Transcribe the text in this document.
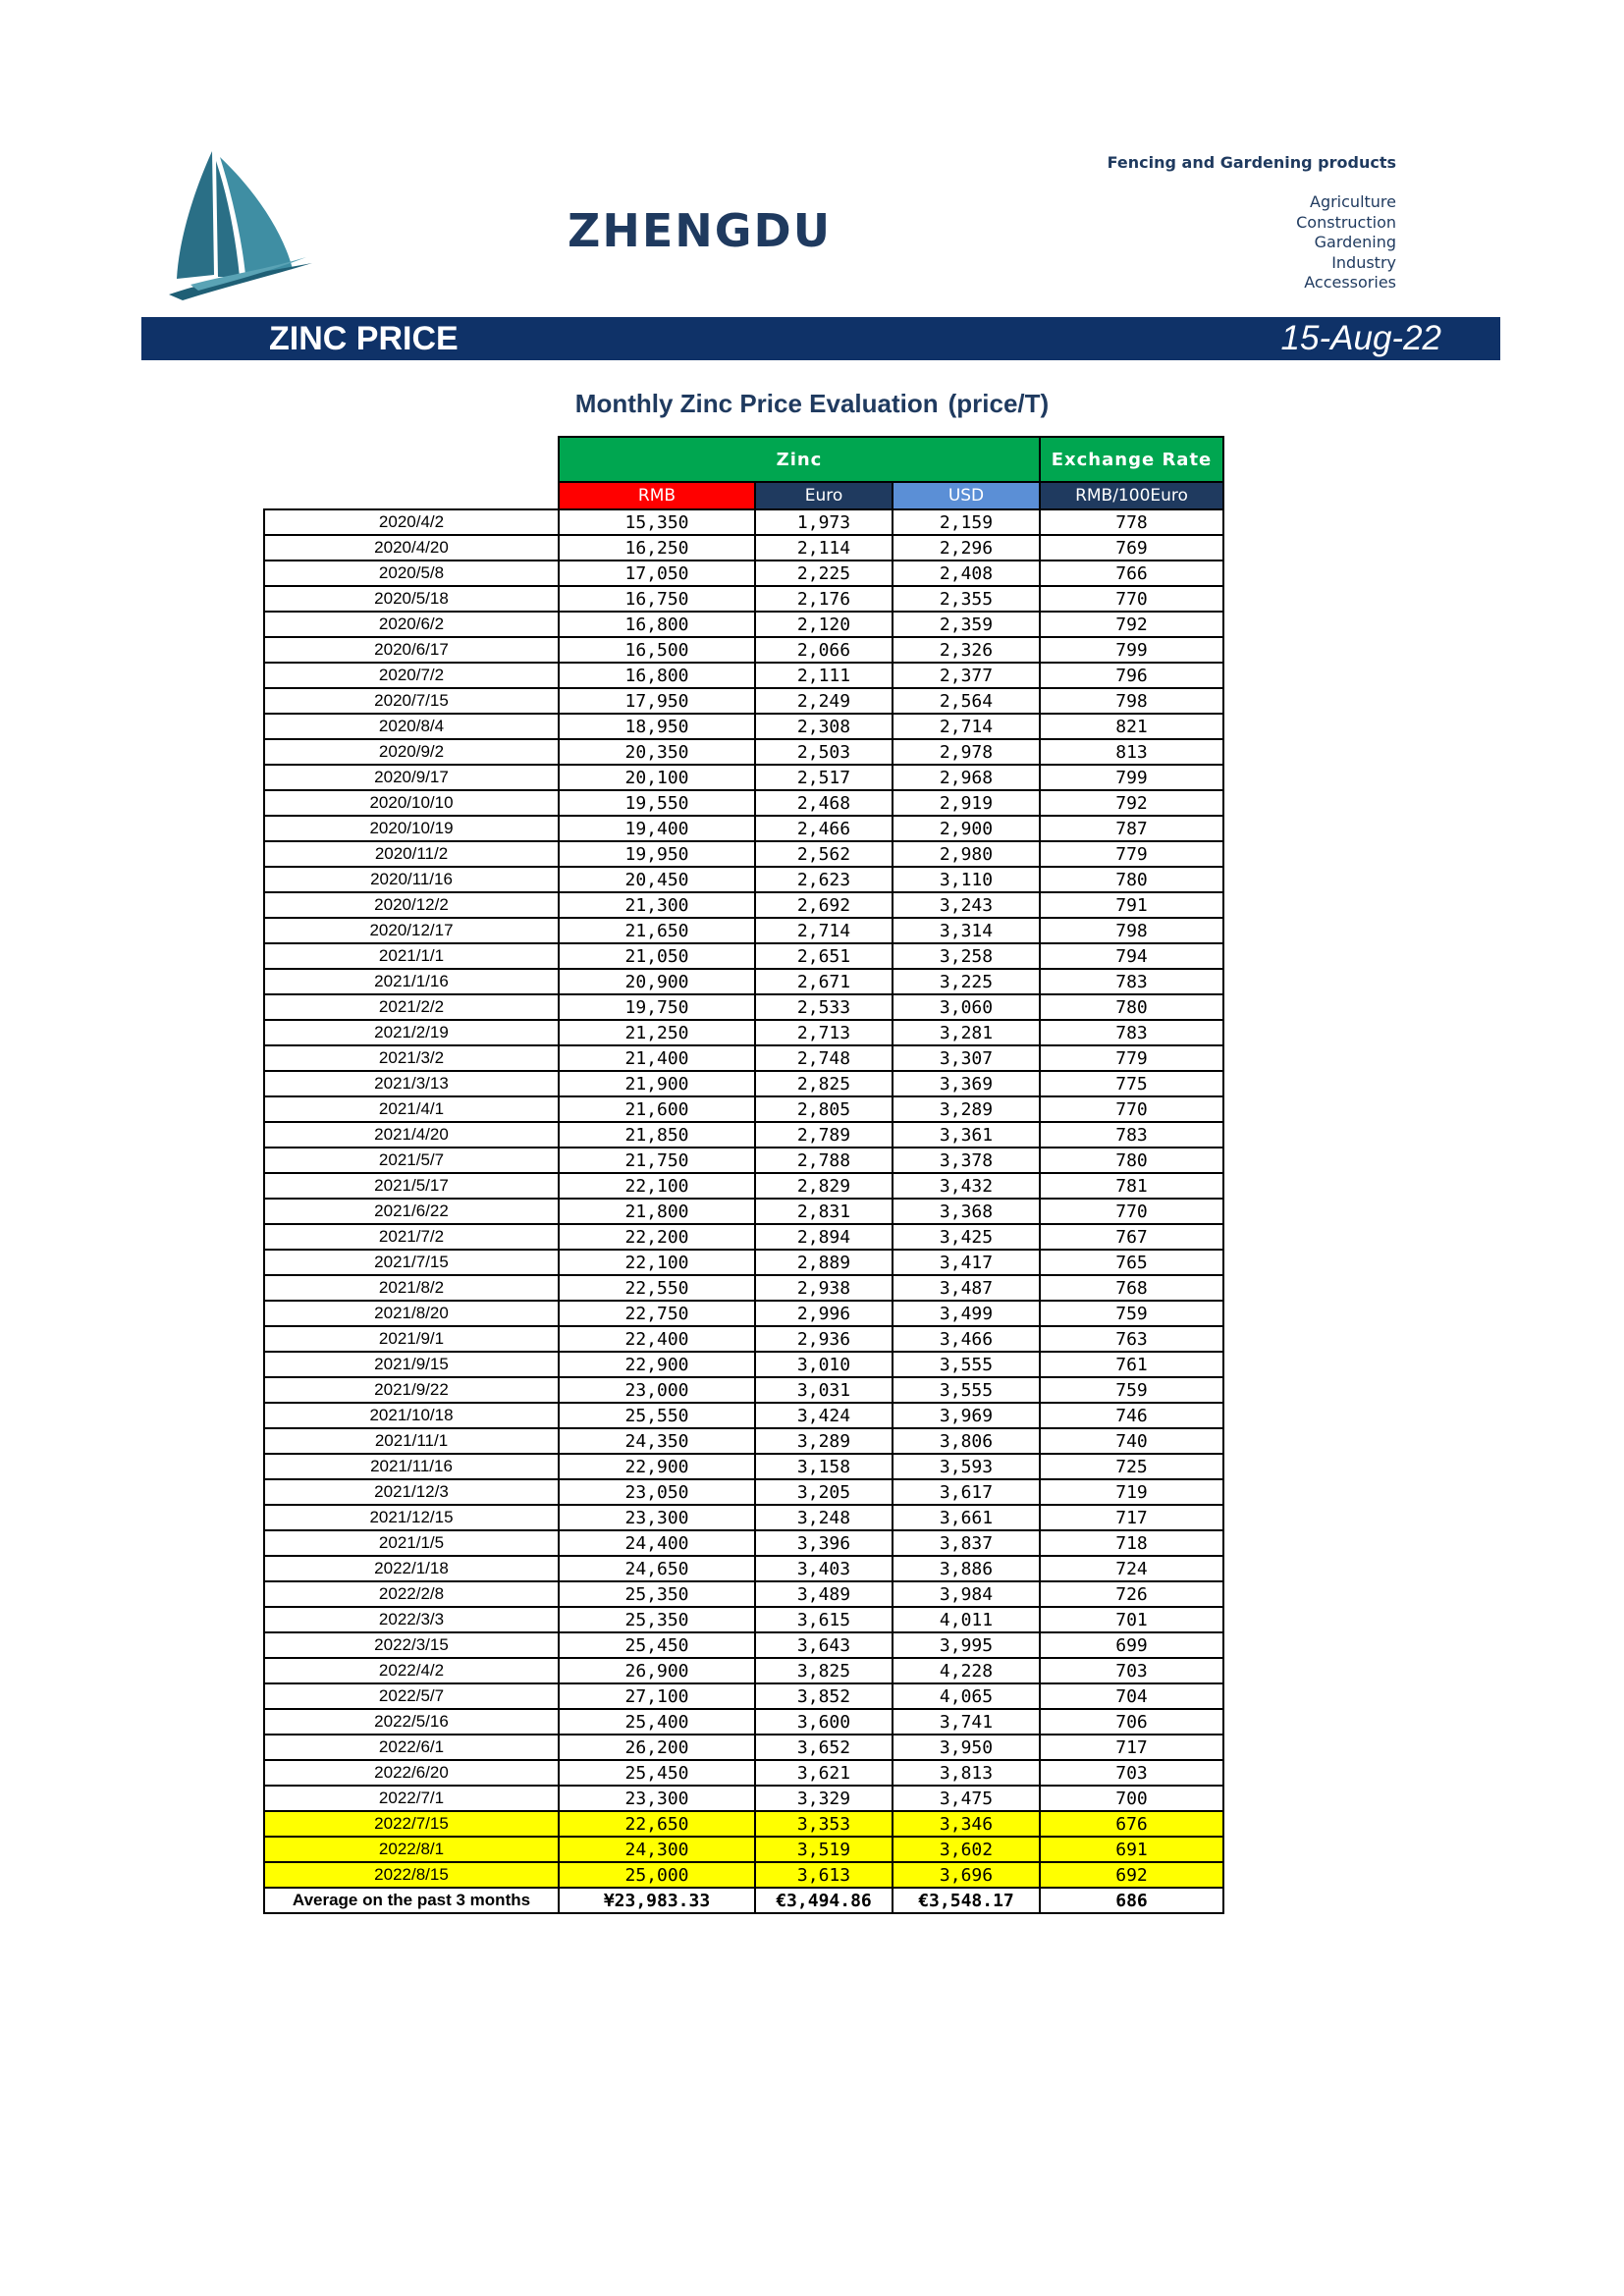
ZHENGDU
Fencing and Gardening products
Agriculture
Construction
Gardening
Industry
Accessories
ZINC PRICE	15-Aug-22
Monthly Zinc Price Evaluation (price/T)
	Zinc			Exchange Rate
	RMB	Euro	USD	RMB/100Euro
2020/4/2	15,350	1,973	2,159	778
2020/4/20	16,250	2,114	2,296	769
2020/5/8	17,050	2,225	2,408	766
2020/5/18	16,750	2,176	2,355	770
2020/6/2	16,800	2,120	2,359	792
2020/6/17	16,500	2,066	2,326	799
2020/7/2	16,800	2,111	2,377	796
2020/7/15	17,950	2,249	2,564	798
2020/8/4	18,950	2,308	2,714	821
2020/9/2	20,350	2,503	2,978	813
2020/9/17	20,100	2,517	2,968	799
2020/10/10	19,550	2,468	2,919	792
2020/10/19	19,400	2,466	2,900	787
2020/11/2	19,950	2,562	2,980	779
2020/11/16	20,450	2,623	3,110	780
2020/12/2	21,300	2,692	3,243	791
2020/12/17	21,650	2,714	3,314	798
2021/1/1	21,050	2,651	3,258	794
2021/1/16	20,900	2,671	3,225	783
2021/2/2	19,750	2,533	3,060	780
2021/2/19	21,250	2,713	3,281	783
2021/3/2	21,400	2,748	3,307	779
2021/3/13	21,900	2,825	3,369	775
2021/4/1	21,600	2,805	3,289	770
2021/4/20	21,850	2,789	3,361	783
2021/5/7	21,750	2,788	3,378	780
2021/5/17	22,100	2,829	3,432	781
2021/6/22	21,800	2,831	3,368	770
2021/7/2	22,200	2,894	3,425	767
2021/7/15	22,100	2,889	3,417	765
2021/8/2	22,550	2,938	3,487	768
2021/8/20	22,750	2,996	3,499	759
2021/9/1	22,400	2,936	3,466	763
2021/9/15	22,900	3,010	3,555	761
2021/9/22	23,000	3,031	3,555	759
2021/10/18	25,550	3,424	3,969	746
2021/11/1	24,350	3,289	3,806	740
2021/11/16	22,900	3,158	3,593	725
2021/12/3	23,050	3,205	3,617	719
2021/12/15	23,300	3,248	3,661	717
2021/1/5	24,400	3,396	3,837	718
2022/1/18	24,650	3,403	3,886	724
2022/2/8	25,350	3,489	3,984	726
2022/3/3	25,350	3,615	4,011	701
2022/3/15	25,450	3,643	3,995	699
2022/4/2	26,900	3,825	4,228	703
2022/5/7	27,100	3,852	4,065	704
2022/5/16	25,400	3,600	3,741	706
2022/6/1	26,200	3,652	3,950	717
2022/6/20	25,450	3,621	3,813	703
2022/7/1	23,300	3,329	3,475	700
2022/7/15	22,650	3,353	3,346	676
2022/8/1	24,300	3,519	3,602	691
2022/8/15	25,000	3,613	3,696	692
Average on the past 3 months	¥23,983.33	€3,494.86	€3,548.17	686
